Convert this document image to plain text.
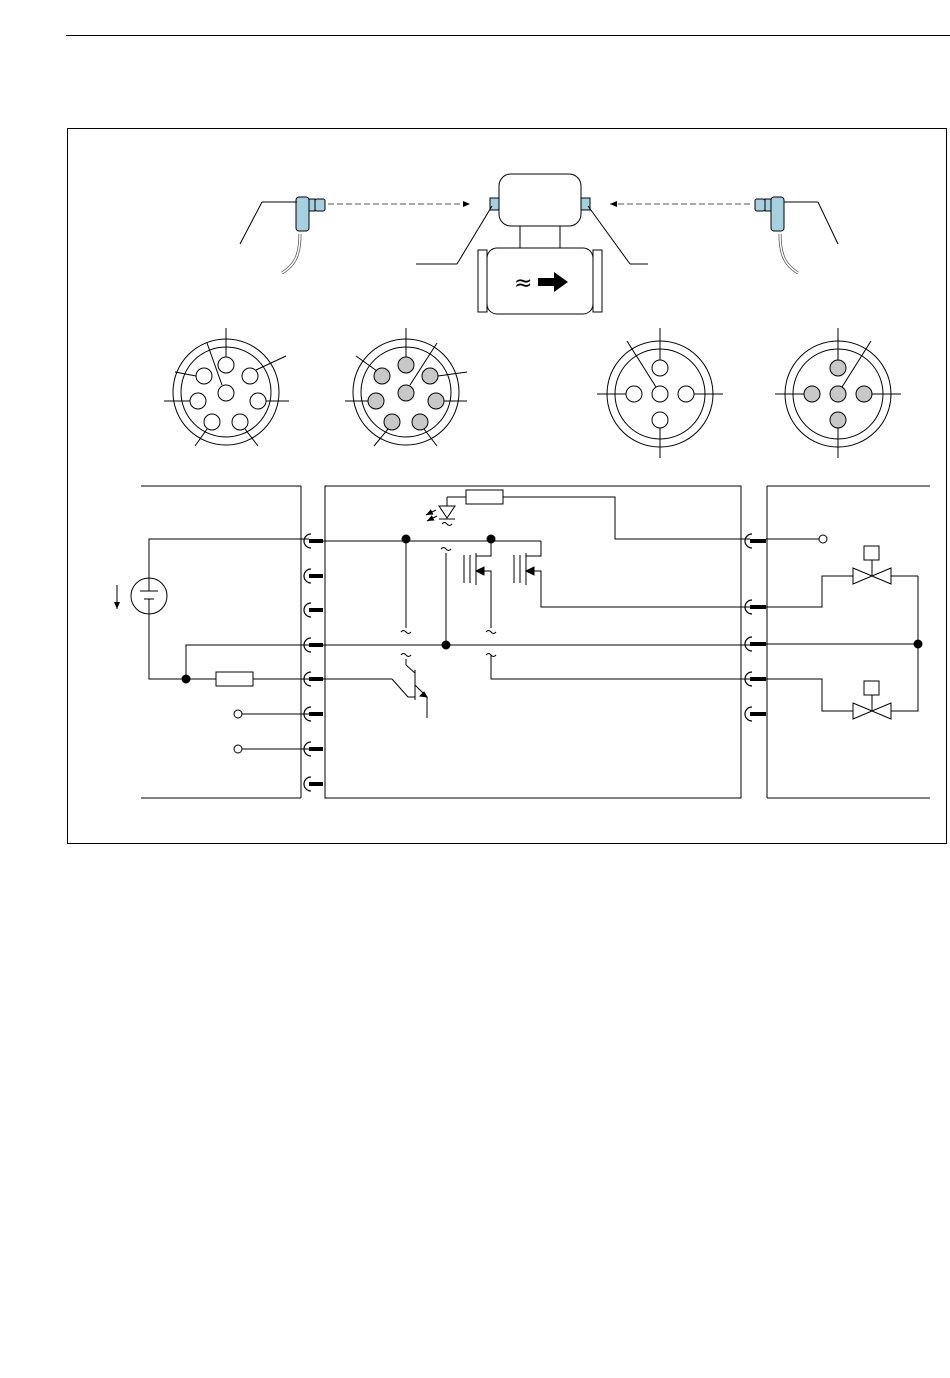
≈
